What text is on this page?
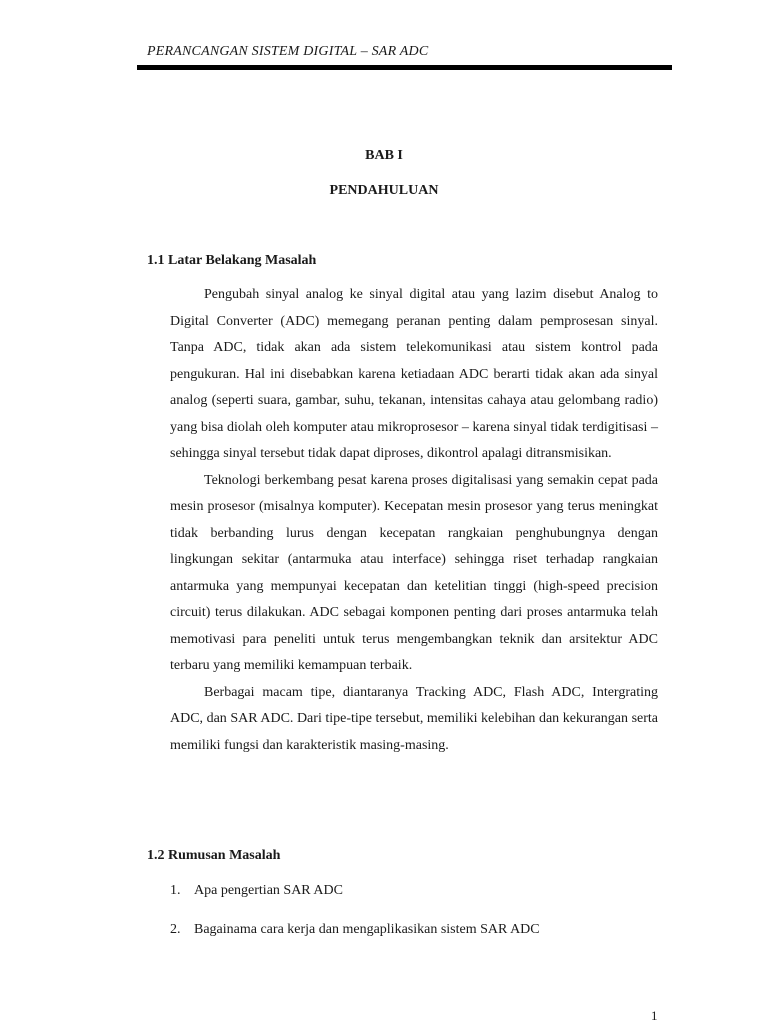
PERANCANGAN SISTEM DIGITAL – SAR ADC
BAB I
PENDAHULUAN
1.1 Latar Belakang Masalah

Pengubah sinyal analog ke sinyal digital atau yang lazim disebut Analog to Digital Converter (ADC) memegang peranan penting dalam pemprosesan sinyal. Tanpa ADC, tidak akan ada sistem telekomunikasi atau sistem kontrol pada pengukuran. Hal ini disebabkan karena ketiadaan ADC berarti tidak akan ada sinyal analog (seperti suara, gambar, suhu, tekanan, intensitas cahaya atau gelombang radio) yang bisa diolah oleh komputer atau mikroprosesor – karena sinyal tidak terdigitisasi – sehingga sinyal tersebut tidak dapat diproses, dikontrol apalagi ditransmisikan.

Teknologi berkembang pesat karena proses digitalisasi yang semakin cepat pada mesin prosesor (misalnya komputer). Kecepatan mesin prosesor yang terus meningkat tidak berbanding lurus dengan kecepatan rangkaian penghubungnya dengan lingkungan sekitar (antarmuka atau interface) sehingga riset terhadap rangkaian antarmuka yang mempunyai kecepatan dan ketelitian tinggi (high-speed precision circuit) terus dilakukan. ADC sebagai komponen penting dari proses antarmuka telah memotivasi para peneliti untuk terus mengembangkan teknik dan arsitektur ADC terbaru yang memiliki kemampuan terbaik.

Berbagai macam tipe, diantaranya Tracking ADC, Flash ADC, Intergrating ADC, dan SAR ADC. Dari tipe-tipe tersebut, memiliki kelebihan dan kekurangan serta memiliki fungsi dan karakteristik masing-masing.

1.2 Rumusan Masalah
1. Apa pengertian SAR ADC
2. Bagainama cara kerja dan mengaplikasikan sistem SAR ADC
1
